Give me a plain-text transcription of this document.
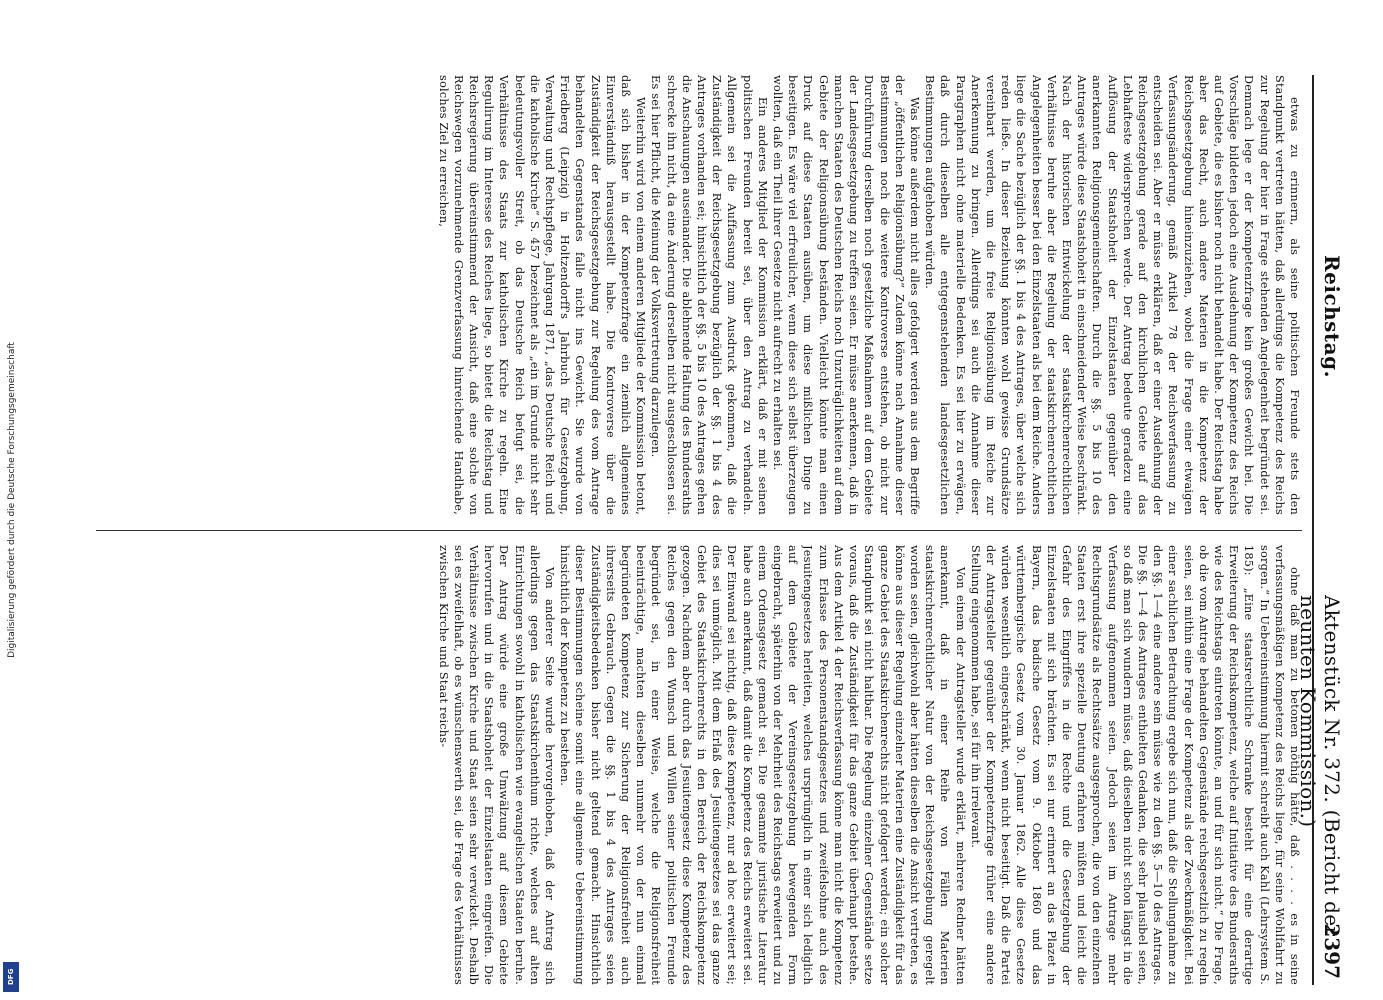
Digitalisierung gefördert durch die Deutsche Forschungsgemeinschaft
DFG
Reichstag.
Aktenstück Nr. 372. (Bericht der neunten Kommission.)
2397

etwas zu erinnern, als seine politischen Freunde stets den Standpunkt vertreten hätten, daß allerdings die Kompetenz des Reichs zur Regelung der hier in Frage stehenden Angelegenheit begründet sei. Demnach lege er der Kompetenzfrage kein großes Gewicht bei. Die Vorschläge bildeten jedoch eine Ausdehnung der Kompetenz des Reichs auf Gebiete, die es bisher noch nicht behandelt habe. Der Reichstag habe aber das Recht, auch andere Materien in die Kompetenz der Reichsgesetzgebung hineinzuziehen, wobei die Frage einer etwaigen Verfassungsänderung, gemäß Artikel 78 der Reichsverfassung zu entscheiden sei. Aber er müsse erklären, daß er einer Ausdehnung der Reichsgesetzgebung gerade auf den kirchlichen Gebiete auf das Lebhafteste widersprechen werde. Der Antrag bedeute geradezu eine Auflösung der Staatshoheit der Einzelstaaten gegenüber den anerkannten Religionsgemeinschaften. Durch die §§. 5 bis 10 des Antrages würde diese Staatshoheit in einschneidender Weise beschränkt. Nach der historischen Entwickelung der staatskirchenrechtlichen Verhältnisse beruhe aber die Regelung der staatskirchenrechtlichen Angelegenheiten besser bei den Einzelstaaten als bei dem Reiche. Anders liege die Sache bezüglich der §§. 1 bis 4 des Antrages, über welche sich reden ließe. In dieser Beziehung könnten wohl gewisse Grundsätze vereinbart werden, um die freie Religionsübung im Reiche zur Anerkennung zu bringen. Allerdings sei auch die Annahme dieser Paragraphen nicht ohne materielle Bedenken. Es sei hier zu erwägen, daß durch dieselben alle entgegenstehenden landesgesetzlichen Bestimmungen aufgehoben würden.

Was könne außerdem nicht alles gefolgert werden aus dem Begriffe der „öffentlichen Religionsübung?“ Zudem könne nach Annahme dieser Bestimmungen noch die weitere Kontroverse entstehen, ob nicht zur Durchführung derselben noch gesetzliche Maßnahmen auf dem Gebiete der Landesgesetzgebung zu treffen seien. Er müsse anerkennen, daß in manchen Staaten des Deutschen Reichs noch Unzuträglichkeiten auf dem Gebiete der Religionsübung beständen. Vielleicht könnte man einen Druck auf diese Staaten ausüben, um diese mißlichen Dinge zu beseitigen. Es wäre viel erfreulicher, wenn diese sich selbst überzeugen wollten, daß ein Theil ihrer Gesetze nicht aufrecht zu erhalten sei.

Ein anderes Mitglied der Kommission erklärt, daß er mit seinen politischen Freunden bereit sei, über den Antrag zu verhandeln. Allgemein sei die Auffassung zum Ausdruck gekommen, daß die Zuständigkeit der Reichsgesetzgebung bezüglich der §§. 1 bis 4 des Antrages vorhanden sei; hinsichtlich der §§. 5 bis 10 des Antrages gehen die Anschauungen auseinander. Die ablehnende Haltung des Bundesraths schrecke ihn nicht, da eine Änderung derselben nicht ausgeschlossen sei. Es sei hier Pflicht, die Meinung der Volksvertretung darzulegen.

Weiterhin wird von einem anderen Mitgliede der Kommission betont, daß sich bisher in der Kompetenzfrage ein ziemlich allgemeines Einverständniß herausgestellt habe. Die Kontroverse über die Zuständigkeit der Reichsgesetzgebung zur Regelung des vom Antrage behandelten Gegenstandes falle nicht ins Gewicht. Sie wurde von Friedberg (Leipzig) in Holtzendorff's Jahrbuch für Gesetzgebung, Verwaltung und Rechtspflege, Jahrgang 1871, „das Deutsche Reich und die katholische Kirche“ S. 457 bezeichnet als „ein im Grunde nicht sehr bedeutungsvoller Streit, ob das Deutsche Reich befugt sei, die Verhältnisse des Staats zur katholischen Kirche zu regeln. Eine Regulirung im Interesse des Reiches liege, so bietet die Reichstag und Reichsregierung übereinstimmend der Ansicht, daß eine solche von Reichswegen vorzunehmende Grenzverfassung hinreichende Handhabe, solches Ziel zu erreichen,

ohne daß man zu betonen nöthig hätte, daß . . . . es in seine verfassungsmäßigen Kompetenz des Reichs liege, für seine Wohlfahrt zu sorgen.“ In Uebereinstimmung hiermit schreibt auch Kahl (Lehrsystem S. 185): „Eine staatsrechtliche Schranke besteht für eine derartige Erweiterung der Reichskompetenz, welche auf Initiative des Bundesraths wie des Reichstags eintreten könnte, an und für sich nicht.“ Die Frage, ob die vom Antrage behandelten Gegenstände reichsgesetzlich zu regeln seien, sei mithin eine Frage der Kompetenz als der Zweckmäßigkeit. Bei einer sachlichen Betrachtung ergebe sich nun, daß die Stellungnahme zu den §§. 1—4 eine andere sein müsse wie zu den §§. 5—10 des Antrages. Die §§. 1—4 des Antrages enthielten Gedanken, die sehr plausibel seien, so daß man sich wundern müsse, daß dieselben nicht schon längst in die Verfassung aufgenommen seien. Jedoch seien im Antrage mehr Rechtsgrundsätze als Rechtssätze ausgesprochen, die von den einzelnen Staaten erst ihre spezielle Deutung erfahren müßten und leicht die Gefahr des Eingriffes in die Rechte und die Gesetzgebung der Einzelstaaten mit sich brächten. Es sei nur erinnert an das Plazet in Bayern, das badische Gesetz vom 9. Oktober 1860 und das württembergische Gesetz vom 30. Januar 1862. Alle diese Gesetze würden wesentlich eingeschränkt, wenn nicht beseitigt. Daß die Partei der Antragsteller gegenüber der Kompetenzfrage früher eine andere Stellung eingenommen habe, sei für ihn irrelevant.

Von einem der Antragsteller wurde erklärt, mehrere Redner hätten anerkannt, daß in einer Reihe von Fällen Materien staatskirchenrechtlicher Natur von der Reichsgesetzgebung geregelt worden seien, gleichwohl aber hätten dieselben die Ansicht vertreten, es könne aus dieser Regelung einzelner Materien eine Zuständigkeit für das ganze Gebiet des Staatskirchenrechts nicht gefolgert werden; ein solcher Standpunkt sei nicht haltbar. Die Regelung einzelner Gegenstände setze voraus, daß die Zuständigkeit für das ganze Gebiet überhaupt bestehe. Aus dem Artikel 4 der Reichsverfassung könne man nicht die Kompetenz zum Erlasse des Personenstandsgesetzes und zweifelsohne auch des Jesuitengesetzes herleiten, welches ursprünglich in einer sich lediglich auf dem Gebiete der Vereinsgesetzgebung bewegenden Form eingebracht, späterhin von der Mehrheit des Reichstags erweitert und zu einem Ordensgesetz gemacht sei. Die gesammte juristische Literatur habe auch anerkannt, daß damit die Kompetenz des Reichs erweitert sei. Der Einwand sei nichtig, daß diese Kompetenz, nur ad hoc erweitert sei; dies sei unmöglich. Mit dem Erlaß des Jesuitengesetzes sei das ganze Gebiet des Staatskirchenrechts in den Bereich der Reichskompetenz gezogen. Nachdem aber durch das Jesuitengesetz diese Kompetenz des Reiches gegen den Wunsch und Willen seiner politischen Freunde begründet sei, in einer Weise, welche die Religionsfreiheit beeinträchtige, machten dieselben nunmehr von der nun einmal begründeten Kompetenz zur Sicherung der Religionsfreiheit auch ihrerseits Gebrauch. Gegen die §§. 1 bis 4 des Antrages seien Zuständigkeitsbedenken bisher nicht geltend gemacht. Hinsichtlich dieser Bestimmungen scheine somit eine allgemeine Uebereinstimmung hinsichtlich der Kompetenz zu bestehen.

Von anderer Seite wurde hervorgehoben, daß der Antrag sich allerdings gegen das Staatskirchenthum richte, welches auf alten Einrichtungen sowohl in katholischen wie evangelischen Staaten beruhe. Der Antrag würde eine große Umwälzung auf diesem Gebiete hervorrufen und in die Staatshoheit der Einzelstaaten eingreifen. Die Verhältnisse zwischen Kirche und Staat seien sehr verwickelt. Deshalb sei es zweifelhaft, ob es wünschenswerth sei, die Frage des Verhältnisses zwischen Kirche und Staat reichs-
